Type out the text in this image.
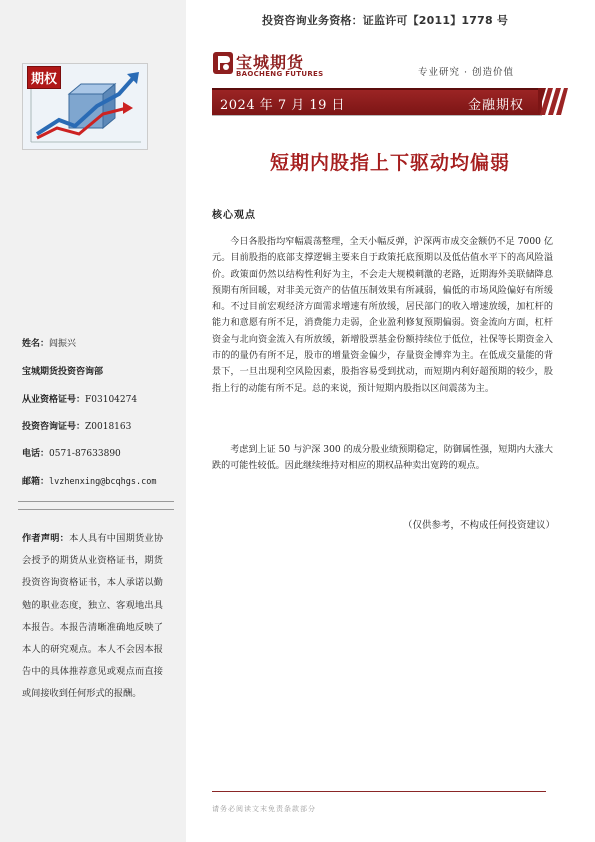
投资咨询业务资格：证监许可【2011】1778 号
期权
宝城期货
BAOCHENG FUTURES	专业研究 · 创造价值
2024 年 7 月 19 日	金融期权
短期内股指上下驱动均偏弱
核心观点

今日各股指均窄幅震荡整理，全天小幅反弹，沪深两市成交金额仍不足 7000 亿元。目前股指的底部支撑逻辑主要来自于政策托底预期以及低估值水平下的高风险溢价。政策面仍然以结构性利好为主，不会走大规模刺激的老路，近期海外美联储降息预期有所回暖，对非美元资产的估值压制效果有所减弱，偏低的市场风险偏好有所缓和。不过目前宏观经济方面需求增速有所放缓，居民部门的收入增速放缓，加杠杆的能力和意愿有所不足，消费能力走弱，企业盈利修复预期偏弱。资金流向方面，杠杆资金与北向资金流入有所放缓，新增股票基金份额持续位于低位，社保等长期资金入市的的量仍有所不足，股市的增量资金偏少，存量资金博弈为主。在低成交量能的背景下，一旦出现利空风险因素，股指容易受到扰动，而短期内利好超预期的较少，股指上行的动能有所不足。总的来说，预计短期内股指以区间震荡为主。

考虑到上证 50 与沪深 300 的成分股业绩预期稳定，防御属性强，短期内大涨大跌的可能性较低。因此继续维持对相应的期权品种卖出宽跨的观点。

（仅供参考，不构成任何投资建议）
姓名：闾振兴
宝城期货投资咨询部
从业资格证号：F03104274
投资咨询证号：Z0018163
电话：0571-87633890
邮箱：lvzhenxing@bcqhgs.com
作者声明：本人具有中国期货业协会授予的期货从业资格证书，期货投资咨询资格证书，本人承诺以勤勉的职业态度，独立、客观地出具本报告。本报告清晰准确地反映了本人的研究观点。本人不会因本报告中的具体推荐意见或观点而直接或间接收到任何形式的报酬。
请务必阅读文末免责条款部分
